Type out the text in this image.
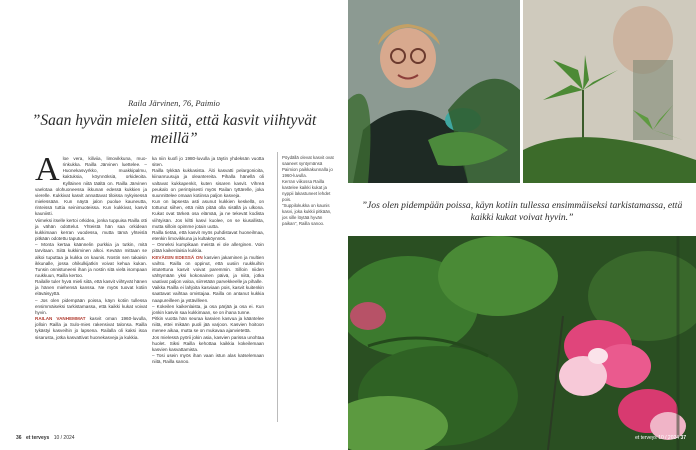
Raila Järvinen, 76, Paimio
”Saan hyvän mielen siitä, että kasvit viihtyvät meillä”
A loe vera, kiliviia, limovikkuna, muo-rinkukka. Railla Järvinen luettelee. – Huonekasvyrkko, muakkipalmu, kaktuksia, köynnöksiä, orkideoita. Kylläinen niitä täältä on. Railla Järvinen vaelotaa olohuoneessa ikkunan edessä kukkien ja vierelle. Kukkivat kasvit annattavat tiloissa nykyisessä mielessään. Kun näytä jalon puolue kauneutta, rinteissä tuttia seinimuoteissa. Kun kukkivat, kasvit kauniisti.

Viimeksi itselle kertoi orkidea, jonka tuppuisa Railla otti ja vähän odottelut. Yhteistä hän saa orkidean kukkimaan kerran vuodessa, mutta tämä yhteislä pitkään odotettu taputus.

– Monta kertaa käännelin purkkia ja tutkin, mitä tarvitaan. Siitä kukkiminen alkoi. Kevään mittaan se alkoi tuputtaa ja kukka on kaunis. Nostin sen takaisin ikkunalle, jossa ohikulkijatkin voivat kehua kukan. Tunsin onnistuneeni ihan ja nostin sitä vielä isompaan ruukkuun, Railla kertoo.

Railalle tuler hyvä mieli siitä, että kasvit viihtyvät hänen ja hänen miehensä kanssa. Ne myös tuovat kotiin eläväisyyttä.

– Jos olen pidempään poissa, käyn kotiin tullessa ensimmäiseksi tarkistamassa, että kaikki kukat voivat hyvin.

RAILAN VANHEMMAT kasvit oman 1960-luvulla, jolloin Railla ja Sulo-mies rakensivat talonsa. Railla tykästyi kasveihin jo lapsena. Railalla oli kaksi isoa sisarusta, jotka kasvattivat huonekasveja ja kukkia.

ka niin kuofi jo 1980-luvulla ja täytin yhdeksän vuotta siten.

Railla tykkää kukkasista. Äiti kasvatti pelargonioita, kiinanruusuja ja oleantereita. Pihalla hänellä oli valtavat kukkapenkit, kuten sisaren kasvit. Vihreä peukalo on perintyisesti myös Railan tyttärelle, joka suunnittelee omaan kotiinsa paljon kasveja.

Kun on lapsesta asti asunut kukkien keskellä, on tottunut siihen, että niitä pitää olla sisällä ja ulkona. Kukat ovat tärkeä osa elämää, ja ne tekevät kodista viihtyisän. Jos kiltti kasvi kuolee, on se kiusallista, mutta silloin opimme jotain uutta.

Railla tietää, että kasvit myös puhdistavat huoneilmaa, etenkin limovikkuna ja kultaköynnös.

– Onneksi kumpikaan meistä ei ole allerginen. Voin pitää kaikenlaisia kukkia.

KEVÄISIN EDESSÄ ON kasvien jakaminen ja multien vaihto. Railla on oppinut, että uusiin ruukkuihin istutettuna kasvit voivat paremmin. Silloin niiden vähtymään yksi kokonainen päivä, ja niitä, jotka vaativat paljon valoa, siirretään parvekkeelle ja pihalle.

Vaikka Railla ei lahjoita kasviaan pois, kasvit kuitenkin saattavat vaihtaa omistajaa. Railla on antanut kukkia naapureilleen ja ystävilleen.

– Kokeilen kaikenlaista, ja osa pärjää ja osa ei. Kun jonkin kasvin saa kukkimaan, se on ihana tunne.

Pitkin vuotta hän seuraa kasvien kasvua ja kääntelee niitä, ettei mikään puoli jää varjoon. Kasvien hoitoon menee aikaa, mutta se on mukavaa ajanvietettä.

Jos mielessä pyörii jokin asia, kasvien parissa unohtaa huolet. Siksi Railla kehottaa kaikkia kokeilemaan kasvien kasvattamista.

– Tosi usein myös ihan vaan istun alas katselemaan niitä, Railla sanoo.

Pöydällä olevat kasvit ovat saaneet syntymänsä Paimion paikkakunnalla jo 1960-luvulla.

Kerran viikossa Railla kastelee kaikki kukat ja nyppii lakastuneet lehdet pois.

”Suppilokukka on kaunis kasvi, joka kukkii pitkään, jos sille löytää hyvän paikan”, Railla sanoo.

36 et terveys 10 / 2024
”Jos olen pidempään poissa, käyn kotiin tullessa ensimmäiseksi tarkistamassa, että kaikki kukat voivat hyvin.”
et terveys 10 / 2024 37
